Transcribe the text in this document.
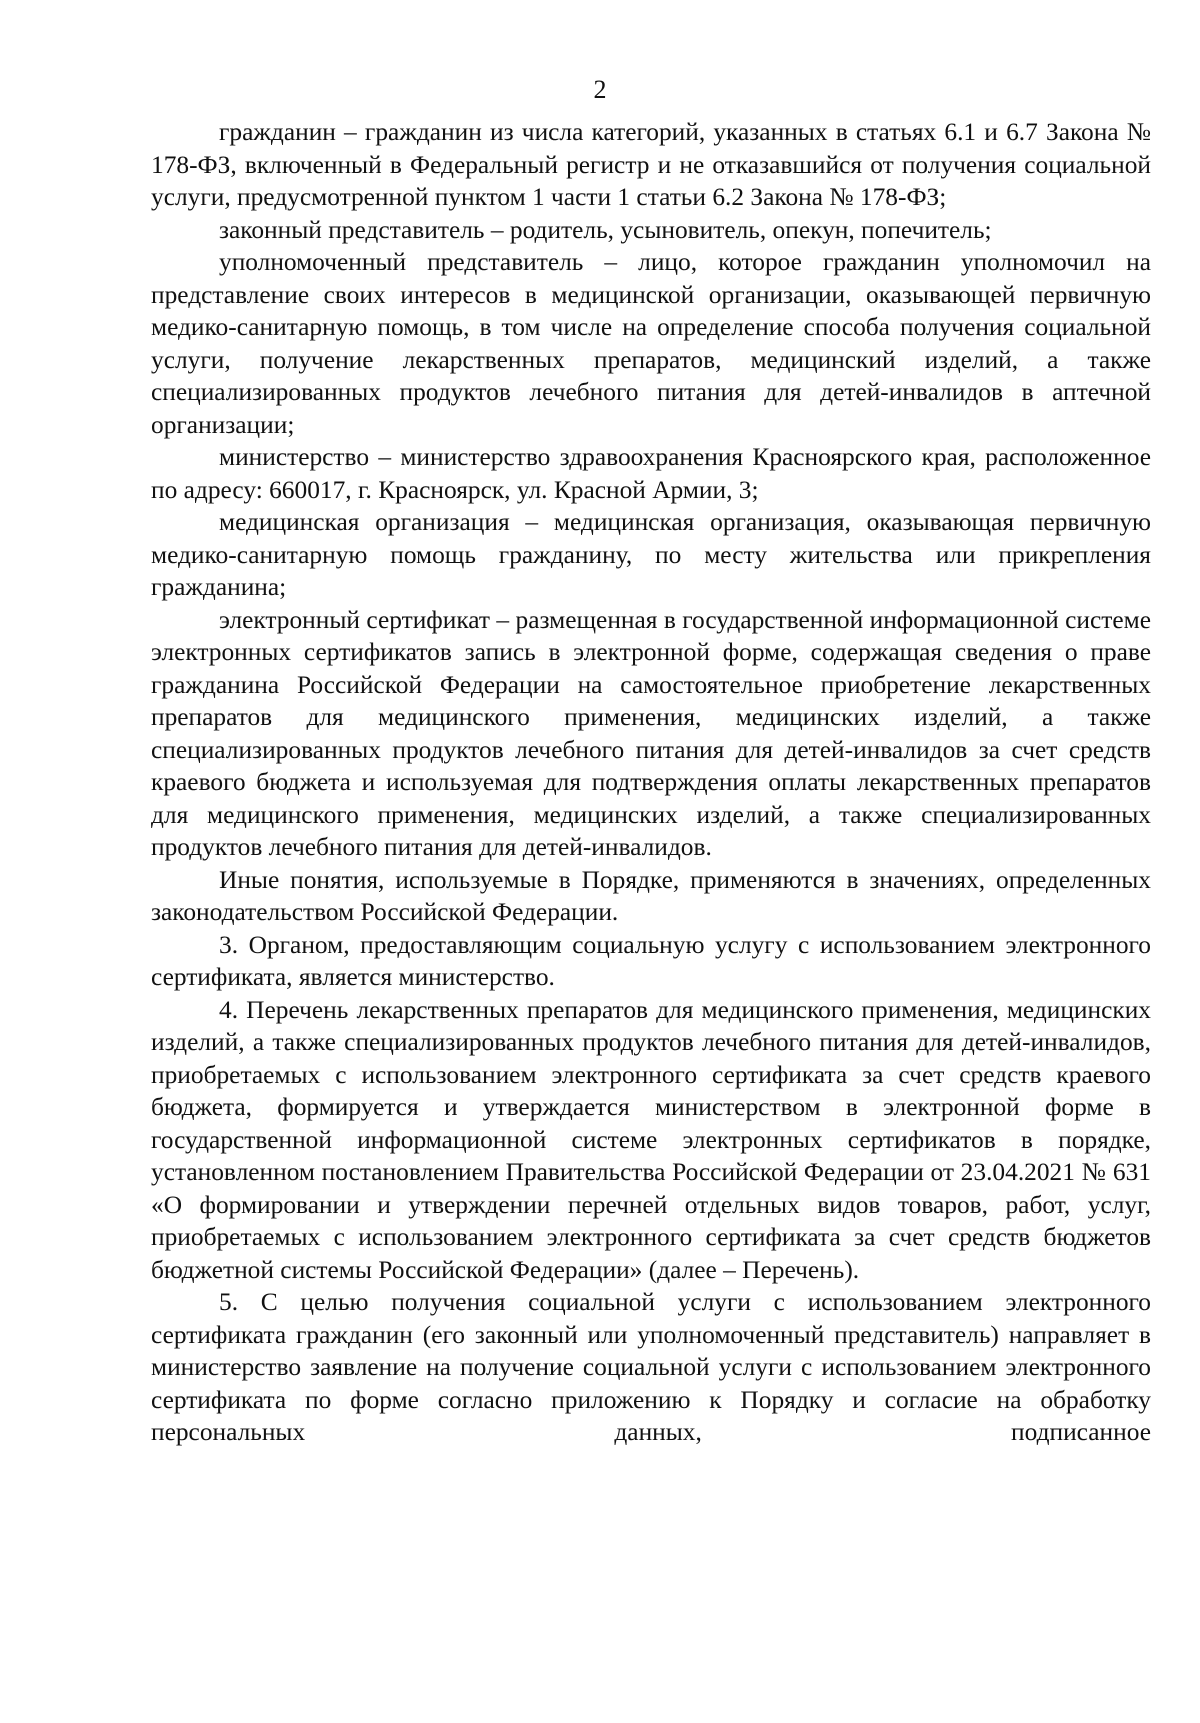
2

гражданин – гражданин из числа категорий, указанных в статьях 6.1 и 6.7 Закона № 178-ФЗ, включенный в Федеральный регистр и не отказавшийся от получения социальной услуги, предусмотренной пунктом 1 части 1 статьи 6.2 Закона № 178-ФЗ;

законный представитель – родитель, усыновитель, опекун, попечитель;

уполномоченный представитель – лицо, которое гражданин уполномочил на представление своих интересов в медицинской организации, оказывающей первичную медико-санитарную помощь, в том числе на определение способа получения социальной услуги, получение лекарственных препаратов, медицинский изделий, а также специализированных продуктов лечебного питания для детей-инвалидов в аптечной организации;

министерство – министерство здравоохранения Красноярского края, расположенное по адресу: 660017, г. Красноярск, ул. Красной Армии, 3;

медицинская организация – медицинская организация, оказывающая первичную медико-санитарную помощь гражданину, по месту жительства или прикрепления гражданина;

электронный сертификат – размещенная в государственной информационной системе электронных сертификатов запись в электронной форме, содержащая сведения о праве гражданина Российской Федерации на самостоятельное приобретение лекарственных препаратов для медицинского применения, медицинских изделий, а также специализированных продуктов лечебного питания для детей-инвалидов за счет средств краевого бюджета и используемая для подтверждения оплаты лекарственных препаратов для медицинского применения, медицинских изделий, а также специализированных продуктов лечебного питания для детей-инвалидов.

Иные понятия, используемые в Порядке, применяются в значениях, определенных законодательством Российской Федерации.

3. Органом, предоставляющим социальную услугу с использованием электронного сертификата, является министерство.

4. Перечень лекарственных препаратов для медицинского применения, медицинских изделий, а также специализированных продуктов лечебного питания для детей-инвалидов, приобретаемых с использованием электронного сертификата за счет средств краевого бюджета, формируется и утверждается министерством в электронной форме в государственной информационной системе электронных сертификатов в порядке, установленном постановлением Правительства Российской Федерации от 23.04.2021 № 631 «О формировании и утверждении перечней отдельных видов товаров, работ, услуг, приобретаемых с использованием электронного сертификата за счет средств бюджетов бюджетной системы Российской Федерации» (далее – Перечень).

5. С целью получения социальной услуги с использованием электронного сертификата гражданин (его законный или уполномоченный представитель) направляет в министерство заявление на получение социальной услуги с использованием электронного сертификата по форме согласно приложению к Порядку и согласие на обработку персональных данных, подписанное
